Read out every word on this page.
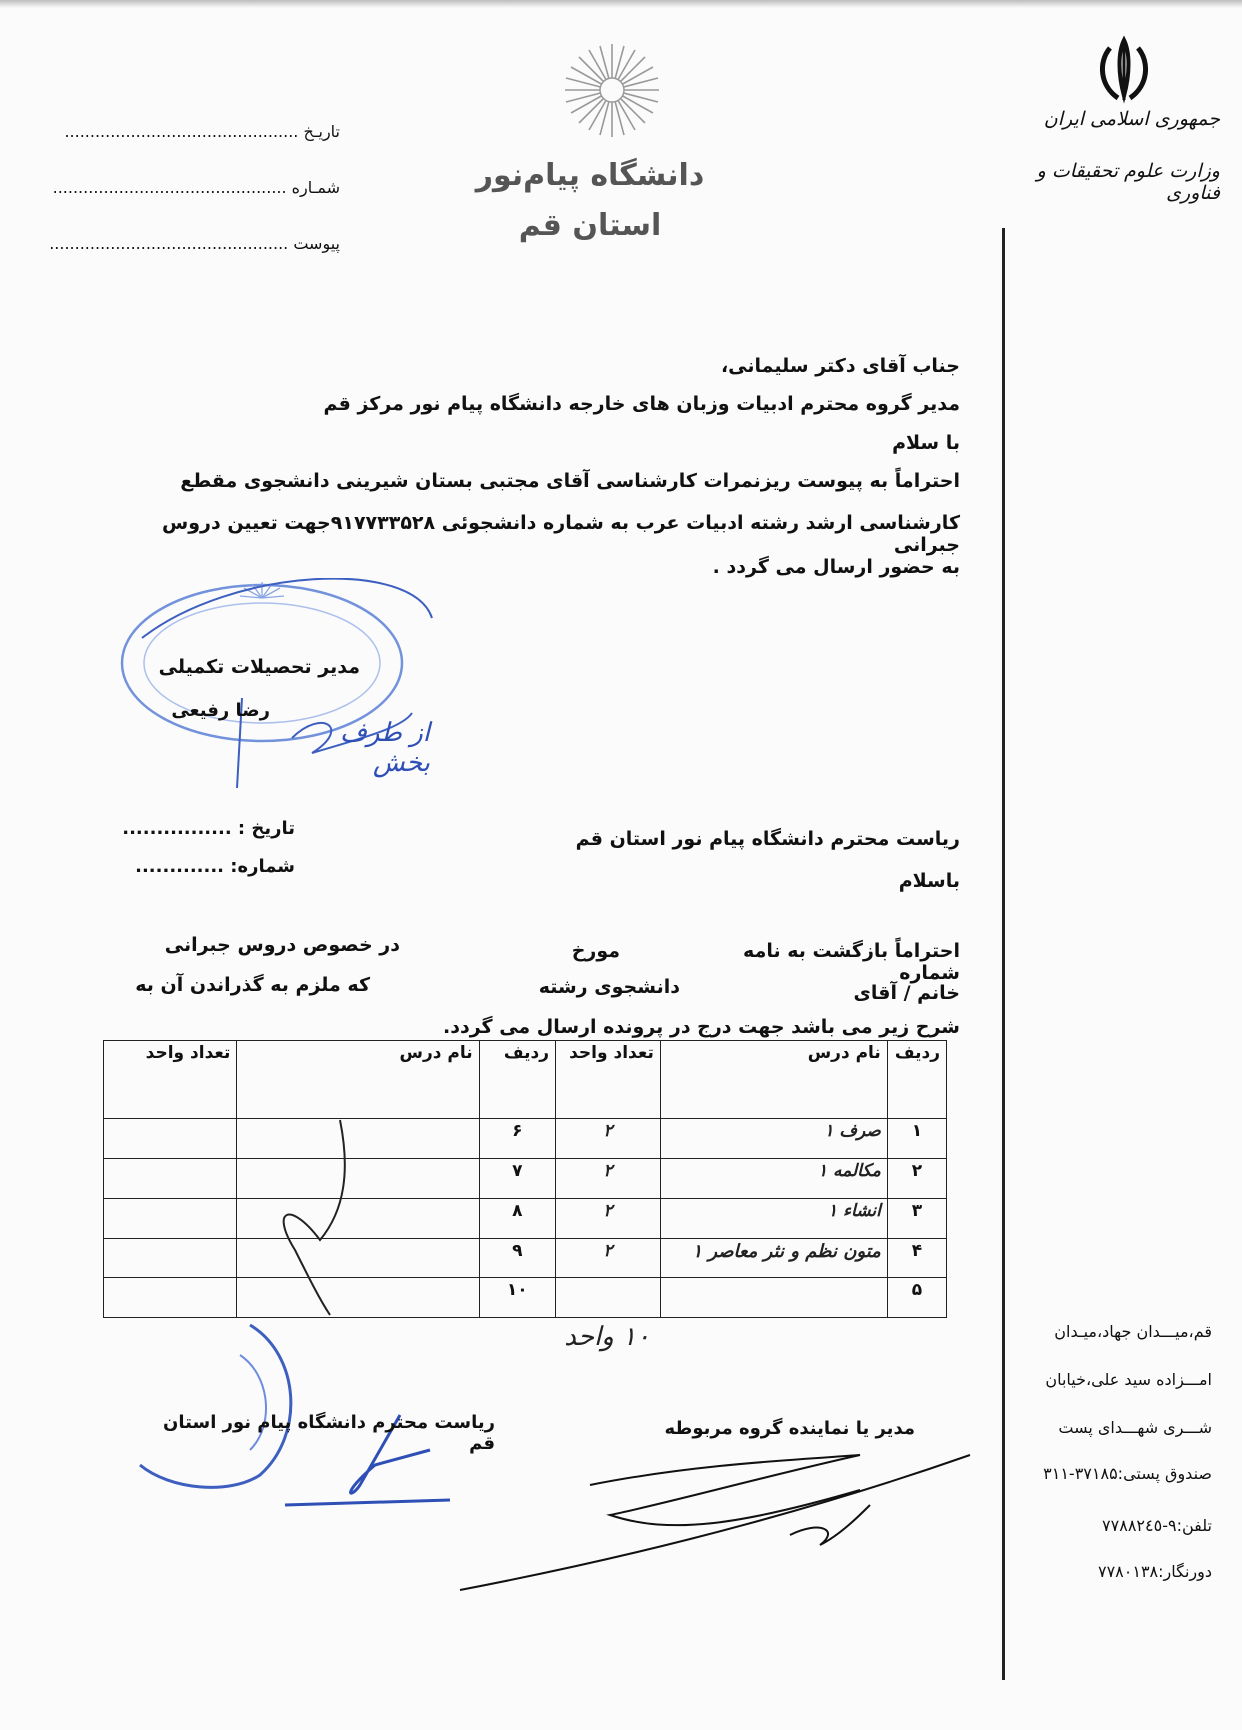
جمهوری اسلامی ایران
وزارت علوم تحقیقات و فناوری
دانشگاه پیام‌نور
استان قم
تاریـخ ..............................................
شمـاره ..............................................
پیوست ...............................................
جناب آقای دکتر سلیمانی،
مدیر گروه محترم ادبیات وزبان های خارجه دانشگاه پیام نور مرکز قم
با سلام
احتراماً به پیوست ریزنمرات کارشناسی آقای مجتبی بستان شیرینی دانشجوی مقطع
کارشناسی ارشد رشته ادبیات عرب به شماره دانشجوئی ۹۱۷۷۳۳۵۲۸جهت تعیین دروس جبرانی
به حضور ارسال می گردد .
مدیر تحصیلات تکمیلی
رضا رفیعی
از طرف بخش
تاریخ : ................
شماره: .............
ریاست محترم دانشگاه پیام نور استان قم
باسلام
احتراماً بازگشت به نامه شماره
مورخ
در خصوص دروس جبرانی
خانم / آقای
دانشجوی رشته
که ملزم به گذراندن آن به
شرح زیر می باشد جهت درج در پرونده ارسال می گردد.
ردیف	نام درس	تعداد واحد	ردیف	نام درس	تعداد واحد
۱	صرف ۱	۲	۶		
۲	مکالمه ۱	۲	۷		
۳	انشاء ۱	۲	۸		
۴	متون نظم و نثر معاصر ۱	۲	۹		
۵			۱۰		
۱۰ واحد
ریاست محترم دانشگاه پیام نور استان قم
مدیر یا نماینده گروه مربوطه
قم،میـــدان جهاد،میـدان
امـــزاده سید علی،خیابان
شـــری شهـــدای پست
صندوق پستی:۳۷۱۸۵-۳۱۱
تلفن:۹-۷۷۸۸۲٤٥
دورنگار:۷۷۸۰۱۳۸
